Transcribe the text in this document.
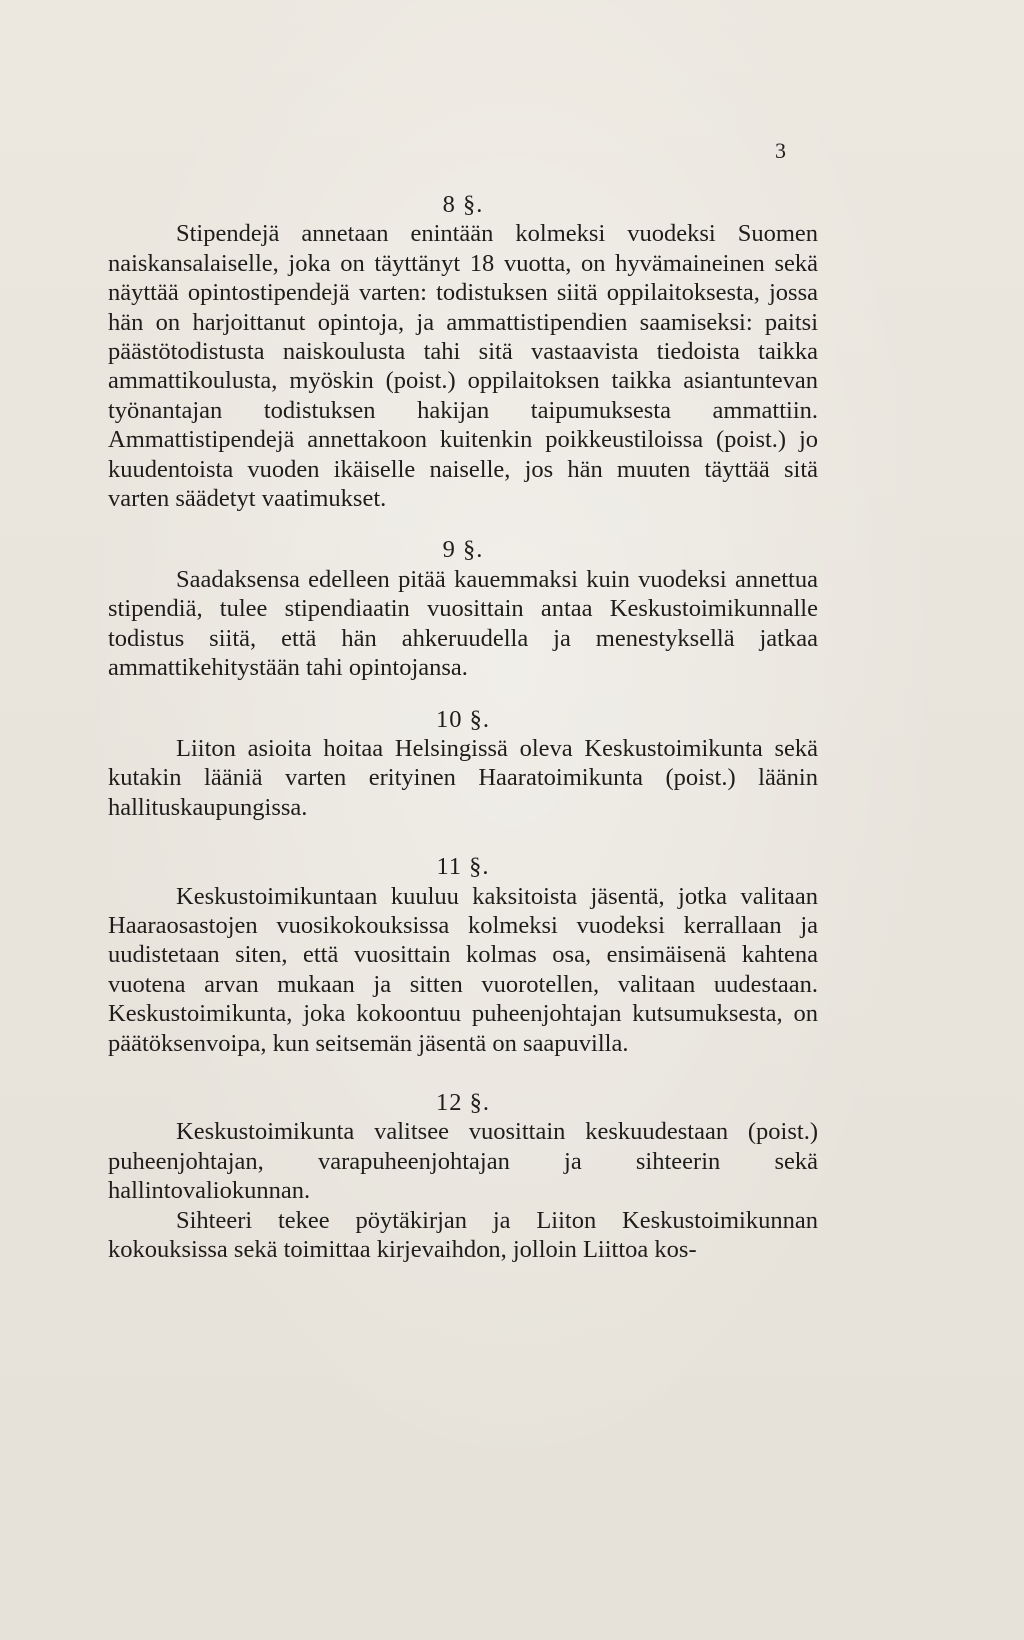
3

8 §.

Stipendejä annetaan enintään kolmeksi vuodeksi Suomen naiskansalaiselle, joka on täyttänyt 18 vuotta, on hyvämaineinen sekä näyttää opintostipendejä varten: todistuksen siitä oppilaitoksesta, jossa hän on harjoittanut opintoja, ja ammattistipendien saamiseksi: paitsi päästötodistusta naiskoulusta tahi sitä vastaavista tiedoista taikka ammattikoulusta, myöskin (poist.) oppilaitoksen taikka asiantuntevan työnantajan todistuksen hakijan taipumuksesta ammattiin. Ammattistipendejä annettakoon kuitenkin poikkeustiloissa (poist.) jo kuudentoista vuoden ikäiselle naiselle, jos hän muuten täyttää sitä varten säädetyt vaatimukset.

9 §.

Saadaksensa edelleen pitää kauemmaksi kuin vuodeksi annettua stipendiä, tulee stipendiaatin vuosittain antaa Keskustoimikunnalle todistus siitä, että hän ahkeruudella ja menestyksellä jatkaa ammattikehitystään tahi opintojansa.

10 §.

Liiton asioita hoitaa Helsingissä oleva Keskustoimikunta sekä kutakin lääniä varten erityinen Haaratoimikunta (poist.) läänin hallituskaupungissa.

11 §.

Keskustoimikuntaan kuuluu kaksitoista jäsentä, jotka valitaan Haaraosastojen vuosikokouksissa kolmeksi vuodeksi kerrallaan ja uudistetaan siten, että vuosittain kolmas osa, ensimäisenä kahtena vuotena arvan mukaan ja sitten vuorotellen, valitaan uudestaan. Keskustoimikunta, joka kokoontuu puheenjohtajan kutsumuksesta, on päätöksenvoipa, kun seitsemän jäsentä on saapuvilla.

12 §.

Keskustoimikunta valitsee vuosittain keskuudestaan (poist.) puheenjohtajan, varapuheenjohtajan ja sihteerin sekä hallintovaliokunnan.

Sihteeri tekee pöytäkirjan ja Liiton Keskustoimikunnan kokouksissa sekä toimittaa kirjevaihdon, jolloin Liittoa kos-
